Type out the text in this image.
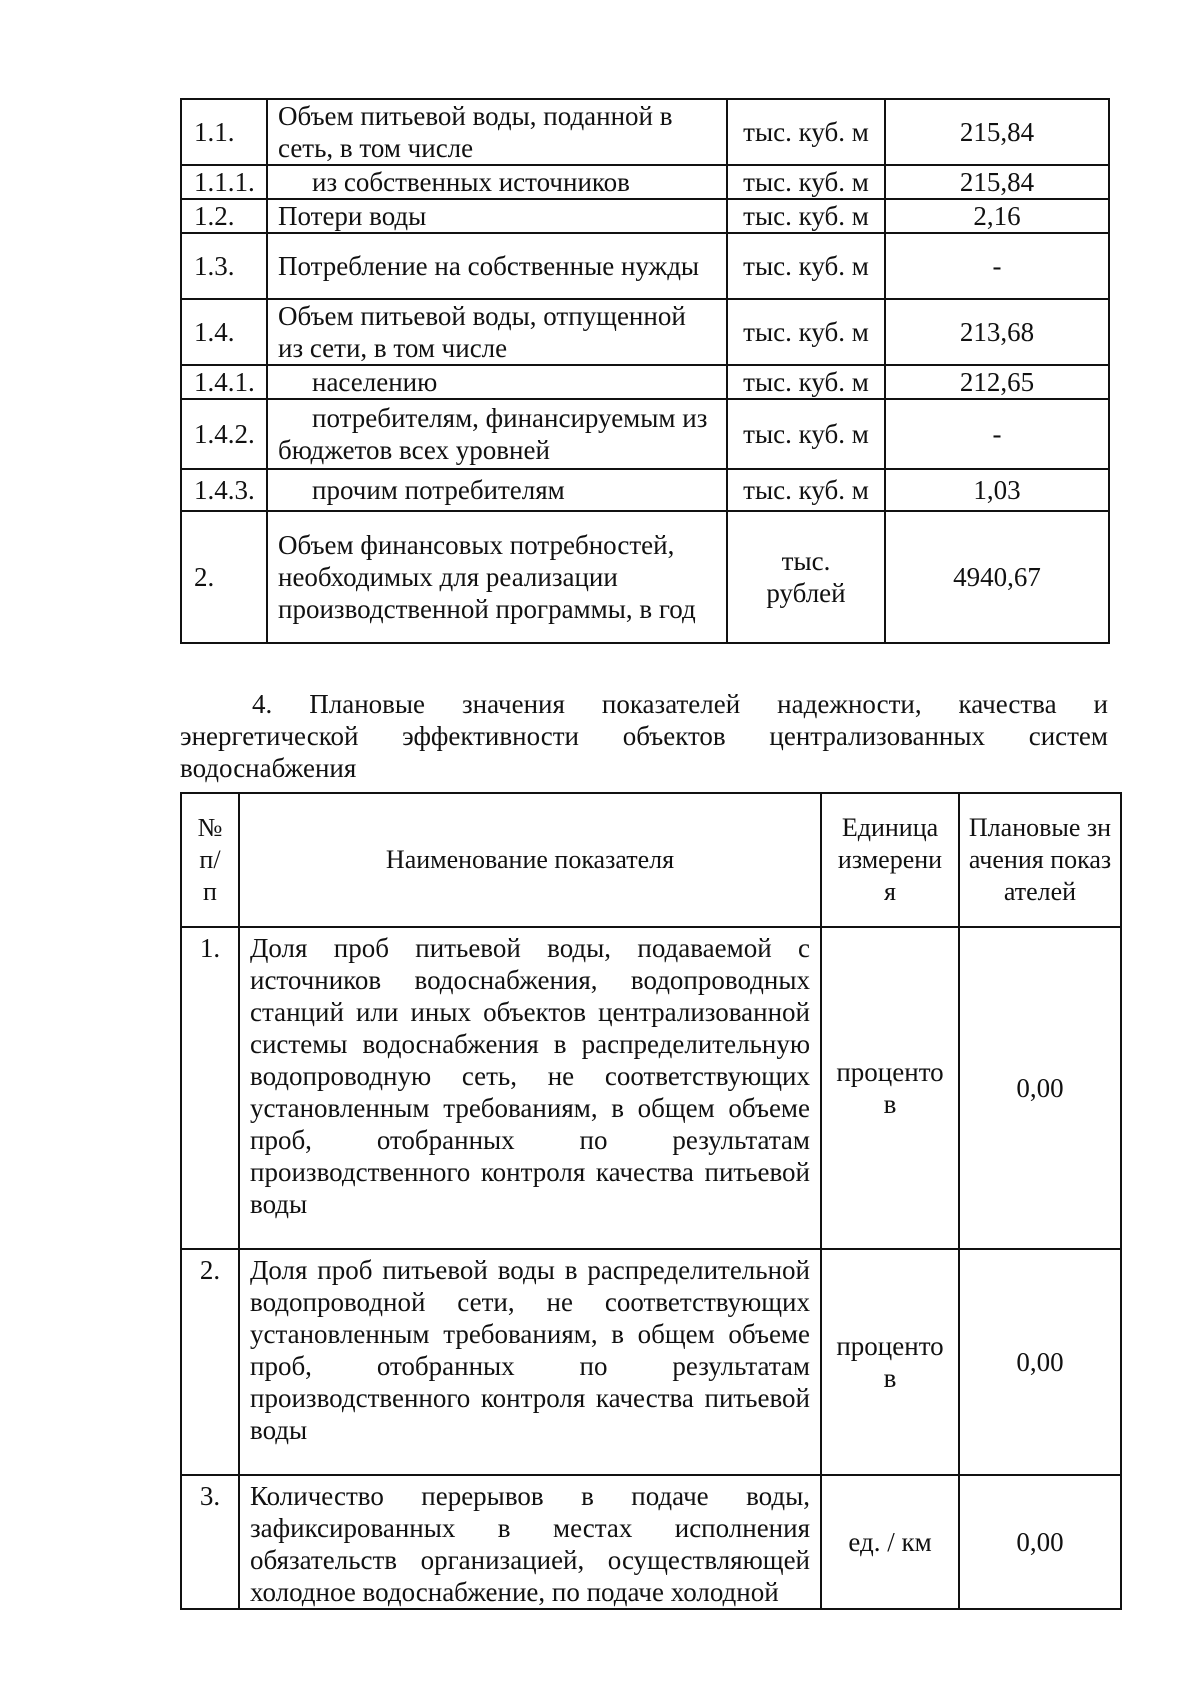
1.1.	Объем питьевой воды, поданной в сеть, в том числе	тыс. куб. м	215,84
1.1.1.	из собственных источников	тыс. куб. м	215,84
1.2.	Потери воды	тыс. куб. м	2,16
1.3.	Потребление на собственные нужды	тыс. куб. м	-
1.4.	Объем питьевой воды, отпущенной из сети, в том числе	тыс. куб. м	213,68
1.4.1.	населению	тыс. куб. м	212,65
1.4.2.	потребителям, финансируемым из бюджетов всех уровней	тыс. куб. м	-
1.4.3.	прочим потребителям	тыс. куб. м	1,03
2.	Объем финансовых потребностей, необходимых для реализации производственной программы, в год	тыс. рублей	4940,67
4. Плановые значения показателей надежности, качества и
энергетической эффективности объектов централизованных систем
водоснабжения
№ п/п	Наименование показателя	Единица измерения	Плановые значения показателей
1.	Доля проб питьевой воды, подаваемой с источников водоснабжения, водопроводных станций или иных объектов централизованной системы водоснабжения в распределительную водопроводную сеть, не соответствующих установленным требованиям, в общем объеме проб, отобранных по результатам производственного контроля качества питьевой воды	процентов	0,00
2.	Доля проб питьевой воды в распределительной водопроводной сети, не соответствующих установленным требованиям, в общем объеме проб, отобранных по результатам производственного контроля качества питьевой воды	процентов	0,00
3.	Количество перерывов в подаче воды, зафиксированных в местах исполнения обязательств организацией, осуществляющей холодное водоснабжение, по подаче холодной	ед. / км	0,00
